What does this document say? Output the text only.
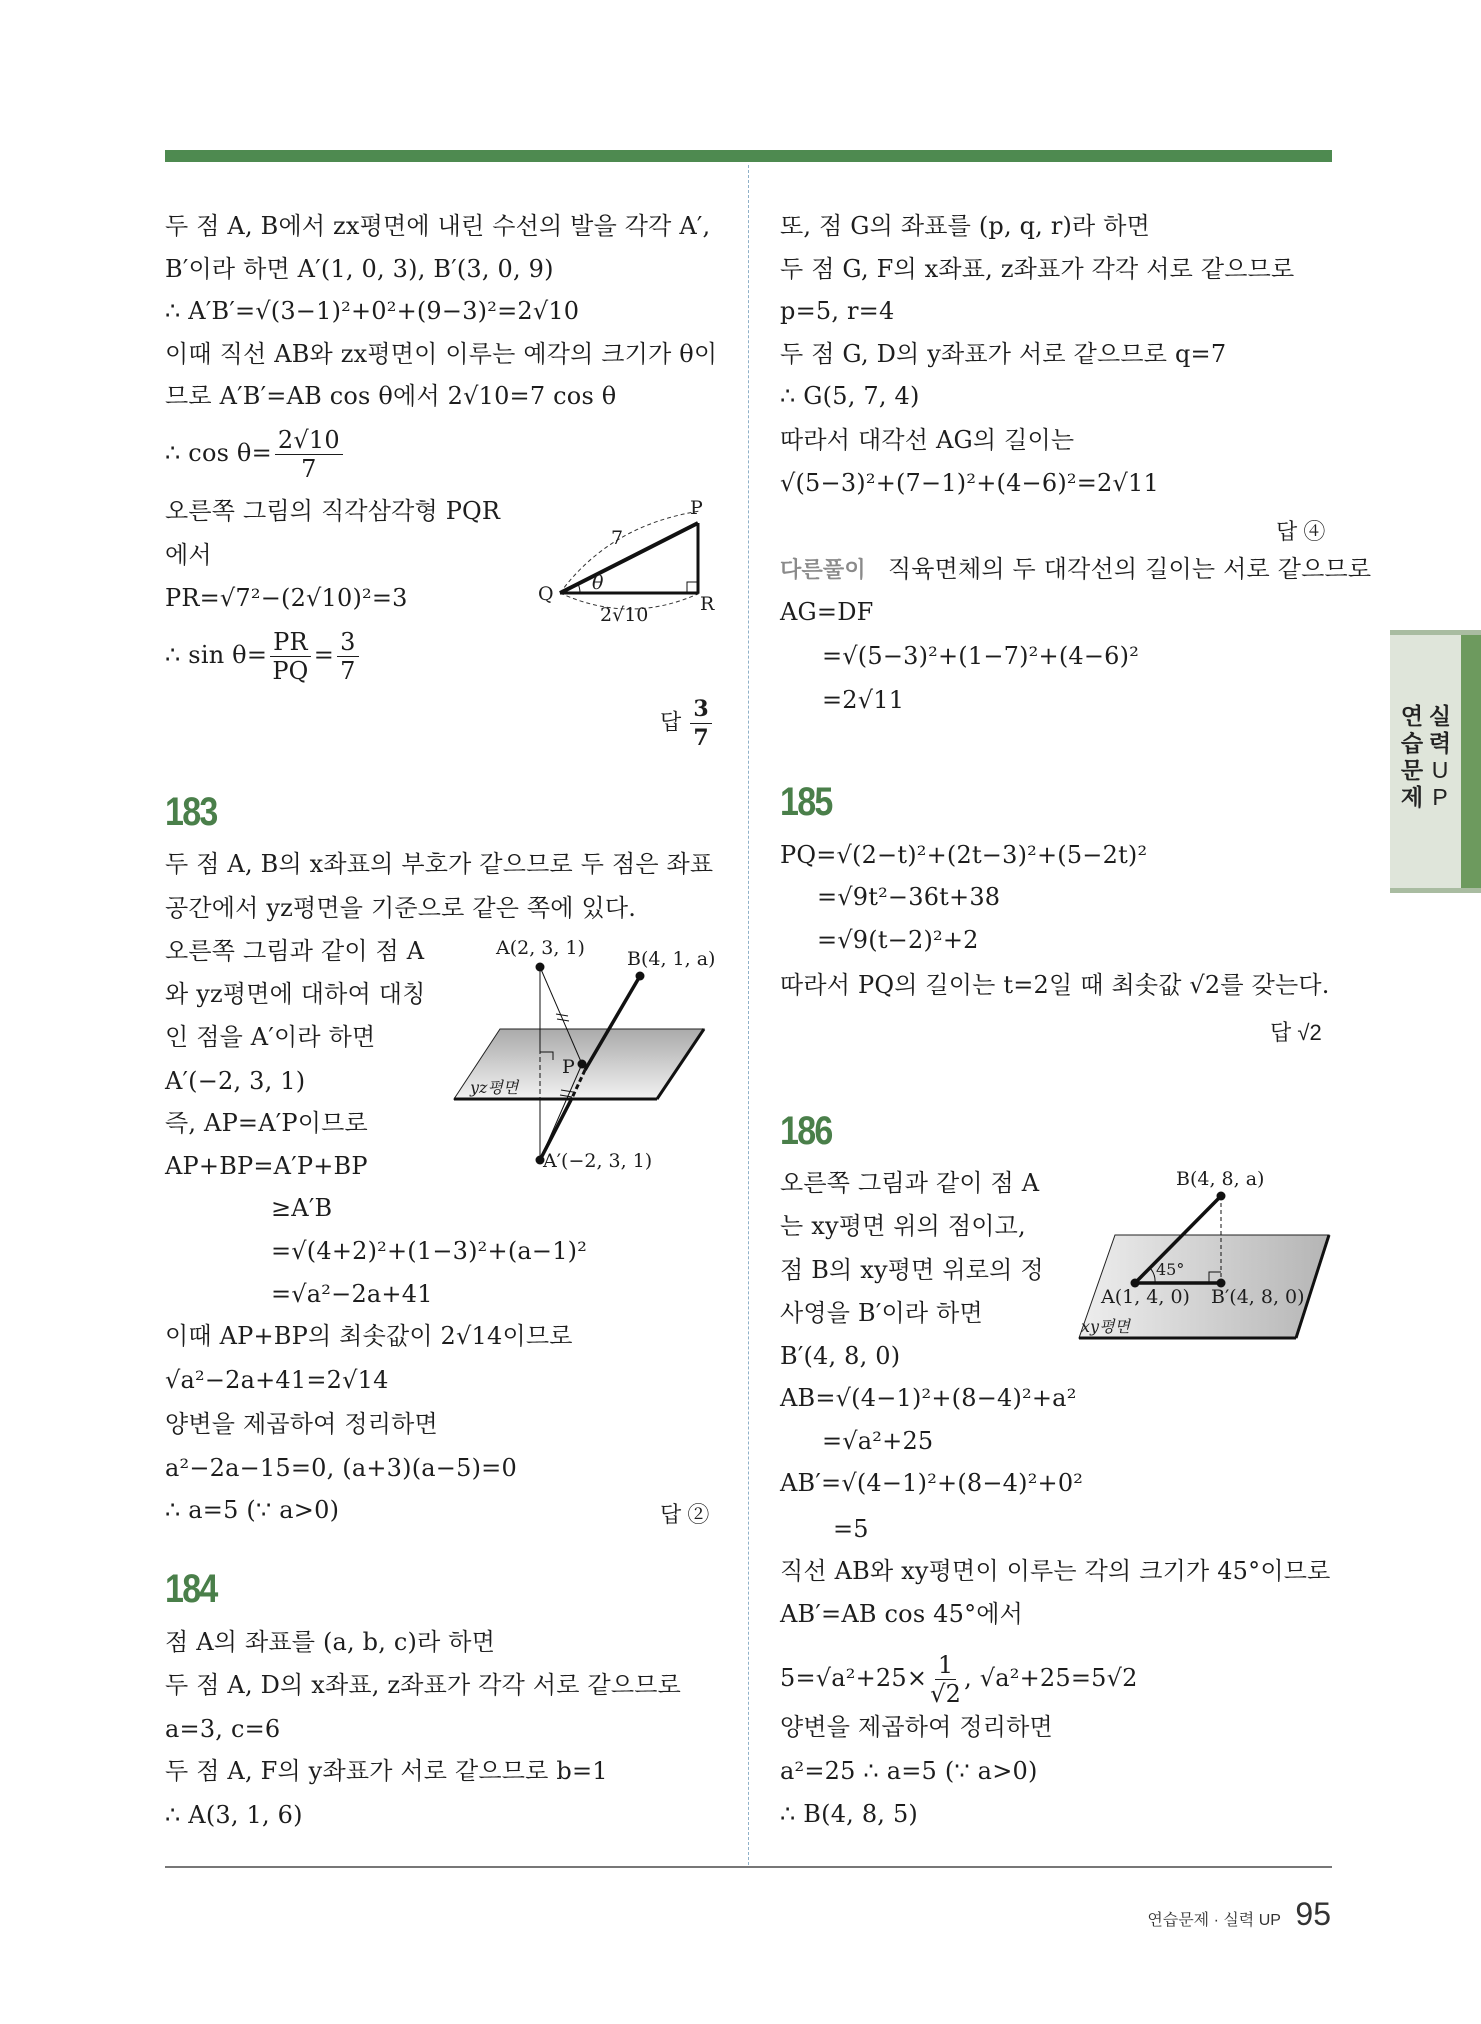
두 점 A, B에서 zx평면에 내린 수선의 발을 각각 A′,
B′이라 하면 A′(1, 0, 3), B′(3, 0, 9)
∴ A′B′=√(3−1)²+0²+(9−3)²=2√10
이때 직선 AB와 zx평면이 이루는 예각의 크기가 θ이
므로 A′B′=AB cos θ에서 2√10=7 cos θ
오른쪽 그림의 직각삼각형 PQR
에서
PR=√7²−(2√10)²=3
두 점 A, B의 x좌표의 부호가 같으므로 두 점은 좌표
공간에서 yz평면을 기준으로 같은 쪽에 있다.
오른쪽 그림과 같이 점 A
와 yz평면에 대하여 대칭
인 점을 A′이라 하면
A′(−2, 3, 1)
즉, AP=A′P이므로
AP+BP=A′P+BP
≥A′B
=√(4+2)²+(1−3)²+(a−1)²
=√a²−2a+41
이때 AP+BP의 최솟값이 2√14이므로
√a²−2a+41=2√14
양변을 제곱하여 정리하면
a²−2a−15=0, (a+3)(a−5)=0
∴ a=5 (∵ a>0)
점 A의 좌표를 (a, b, c)라 하면
두 점 A, D의 x좌표, z좌표가 각각 서로 같으므로
a=3, c=6
두 점 A, F의 y좌표가 서로 같으므로 b=1
∴ A(3, 1, 6)
또, 점 G의 좌표를 (p, q, r)라 하면
두 점 G, F의 x좌표, z좌표가 각각 서로 같으므로
p=5, r=4
두 점 G, D의 y좌표가 서로 같으므로 q=7
∴ G(5, 7, 4)
따라서 대각선 AG의 길이는
√(5−3)²+(7−1)²+(4−6)²=2√11
AG=DF
=√(5−3)²+(1−7)²+(4−6)²
=2√11
PQ=√(2−t)²+(2t−3)²+(5−2t)²
=√9t²−36t+38
=√9(t−2)²+2
따라서 PQ의 길이는 t=2일 때 최솟값 √2를 갖는다.
오른쪽 그림과 같이 점 A
는 xy평면 위의 점이고,
점 B의 xy평면 위로의 정
사영을 B′이라 하면
B′(4, 8, 0)
AB=√(4−1)²+(8−4)²+a²
=√a²+25
AB′=√(4−1)²+(8−4)²+0²
=5
직선 AB와 xy평면이 이루는 각의 크기가 45°이므로
AB′=AB cos 45°에서
양변을 제곱하여 정리하면
a²=25 ∴ a=5 (∵ a>0)
∴ B(4, 8, 5)
다른풀이 직육면체의 두 대각선의 길이는 서로 같으므로
183
184
185
186
답 ②
답 ④
답 √2
∴ $\cos \theta= \frac{2√10}{7}$
∴ $\sin \theta= \frac{PR}{PQ} = \frac{3}{7}$
답 $\frac{3}{7}$
P
Q	R
7
θ
2√10
A(2, 3, 1) B(4, 1, a)
P
A′(−2, 3, 1)
yz평면
B(4, 8, a)
A(1, 4, 0) B′(4, 8, 0)
45°
xy평면
$5=√a^2+25\times \frac{1}{√2}$ , √a²+25=5√2
연
습
문
제
실
력
U
P
연습문제 · 실력 UP 95
